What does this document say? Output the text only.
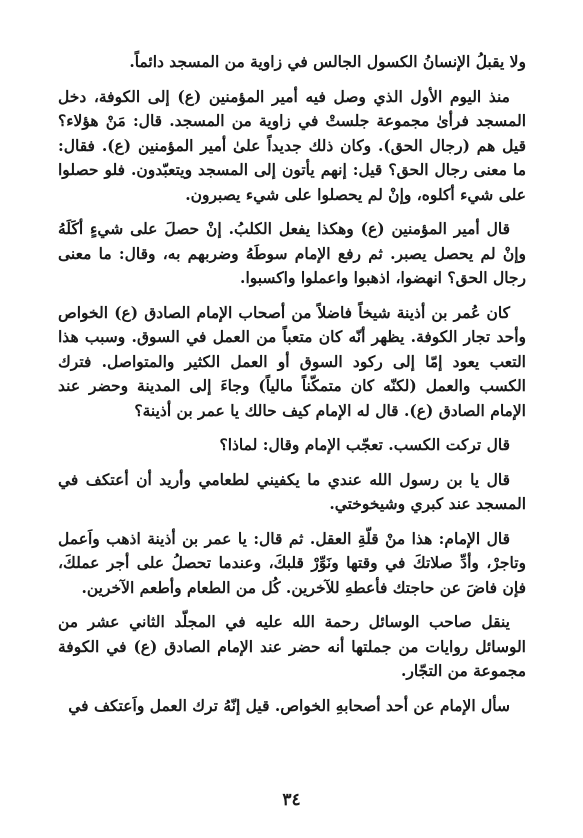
ولا يقبلُ الإنسانُ الكسول الجالس في زاوية من المسجد دائماً.

منذ اليوم الأول الذي وصل فيه أمير المؤمنين (ع) إلى الكوفة، دخل المسجد فرأىٰ مجموعة جلستْ في زاوية من المسجد. قال: مَنْ هؤلاء؟ قيل هم (رجال الحق). وكان ذلك جديداً علىٰ أمير المؤمنين (ع). فقال: ما معنى رجال الحق؟ قيل: إنهم يأتون إلى المسجد ويتعبّدون. فلو حصلوا على شيء أكلوه، وإنْ لم يحصلوا على شيء يصبرون.

قال أمير المؤمنين (ع) وهكذا يفعل الكلبُ. إنْ حصلَ على شيءٍ أكَلَهُ وإنْ لم يحصل يصبر. ثم رفع الإمام سوطَهُ وضربهم به، وقال: ما معنى رجال الحق؟ انهضوا، اذهبوا واعملوا واكسبوا.

كان عُمر بن أذينة شيخاً فاضلاً من أصحاب الإمام الصادق (ع) الخواص وأحد تجار الكوفة. يظهر أنّه كان متعباً من العمل في السوق. وسبب هذا التعب يعود إمّا إلى ركود السوق أو العمل الكثير والمتواصل. فترك الكسب والعمل (لكنّه كان متمكّناً مالياً) وجاءَ إلى المدينة وحضر عند الإمام الصادق (ع). قال له الإمام كيف حالك يا عمر بن أذينة؟

قال تركت الكسب. تعجّب الإمام وقال: لماذا؟

قال يا بن رسول الله عندي ما يكفيني لطعامي وأريد أن أعتكف في المسجد عند كبري وشيخوختي.

قال الإمام: هذا منْ قلّةِ العقل. ثم قال: يا عمر بن أذينة اذهب واَعمل وتاجرْ، وأدِّ صلاتكَ في وقتها ونَوِّرْ قلبكَ، وعندما تحصلُ على أجر عملكَ، فإن فاضَ عن حاجتك فأعطهِ للآخرين. كُل من الطعام وأطعم الآخرين.

ينقل صاحب الوسائل رحمة الله عليه في المجلّد الثاني عشر من الوسائل روايات من جملتها أنه حضر عند الإمام الصادق (ع) في الكوفة مجموعة من التجّار.

سأل الإمام عن أحد أصحابهِ الخواص. قيل إنّهُ ترك العمل واَعتكف في

٣٤
